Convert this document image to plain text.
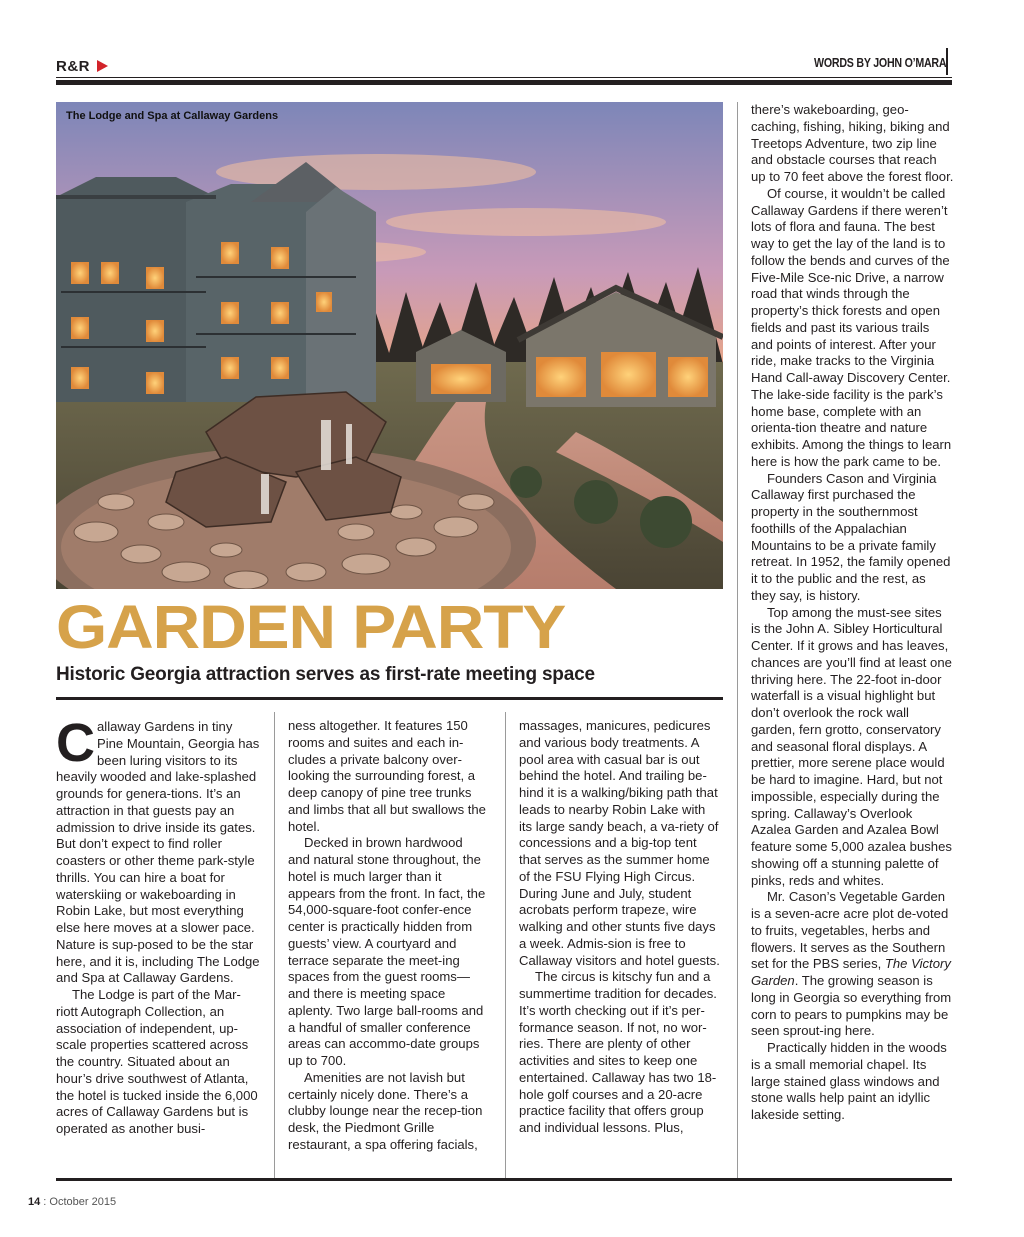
R&R	WORDS BY JOHN O’MARA
The Lodge and Spa at Callaway Gardens
GARDEN PARTY
Historic Georgia attraction serves as first-rate meeting space

Callaway Gardens in tiny Pine Mountain, Georgia has been luring visitors to its heavily wooded and lake-splashed grounds for genera-tions. It’s an attraction in that guests pay an admission to drive inside its gates. But don’t expect to find roller coasters or other theme park-style thrills. You can hire a boat for waterskiing or wakeboarding in Robin Lake, but most everything else here moves at a slower pace. Nature is sup-posed to be the star here, and it is, including The Lodge and Spa at Callaway Gardens.

The Lodge is part of the Mar-riott Autograph Collection, an association of independent, up-scale properties scattered across the country. Situated about an hour’s drive southwest of Atlanta, the hotel is tucked inside the 6,000 acres of Callaway Gardens but is operated as another busi-

ness altogether. It features 150 rooms and suites and each in-cludes a private balcony over-looking the surrounding forest, a deep canopy of pine tree trunks and limbs that all but swallows the hotel.

Decked in brown hardwood and natural stone throughout, the hotel is much larger than it appears from the front. In fact, the 54,000-square-foot confer-ence center is practically hidden from guests’ view. A courtyard and terrace separate the meet-ing spaces from the guest rooms—and there is meeting space aplenty. Two large ball-rooms and a handful of smaller conference areas can accommo-date groups up to 700.

Amenities are not lavish but certainly nicely done. There’s a clubby lounge near the recep-tion desk, the Piedmont Grille restaurant, a spa offering facials,

massages, manicures, pedicures and various body treatments. A pool area with casual bar is out behind the hotel. And trailing be-hind it is a walking/biking path that leads to nearby Robin Lake with its large sandy beach, a va-riety of concessions and a big-top tent that serves as the summer home of the FSU Flying High Circus. During June and July, student acrobats perform trapeze, wire walking and other stunts five days a week. Admis-sion is free to Callaway visitors and hotel guests.

The circus is kitschy fun and a summertime tradition for decades. It’s worth checking out if it’s per-formance season. If not, no wor-ries. There are plenty of other activities and sites to keep one entertained. Callaway has two 18-hole golf courses and a 20-acre practice facility that offers group and individual lessons. Plus,

there’s wakeboarding, geo-caching, fishing, hiking, biking and Treetops Adventure, two zip line and obstacle courses that reach up to 70 feet above the forest floor.

Of course, it wouldn’t be called Callaway Gardens if there weren’t lots of flora and fauna. The best way to get the lay of the land is to follow the bends and curves of the Five-Mile Sce-nic Drive, a narrow road that winds through the property’s thick forests and open fields and past its various trails and points of interest. After your ride, make tracks to the Virginia Hand Call-away Discovery Center. The lake-side facility is the park’s home base, complete with an orienta-tion theatre and nature exhibits. Among the things to learn here is how the park came to be.

Founders Cason and Virginia Callaway first purchased the property in the southernmost foothills of the Appalachian Mountains to be a private family retreat. In 1952, the family opened it to the public and the rest, as they say, is history.

Top among the must-see sites is the John A. Sibley Horticultural Center. If it grows and has leaves, chances are you’ll find at least one thriving here. The 22-foot in-door waterfall is a visual highlight but don’t overlook the rock wall garden, fern grotto, conservatory and seasonal floral displays. A prettier, more serene place would be hard to imagine. Hard, but not impossible, especially during the spring. Callaway’s Overlook Azalea Garden and Azalea Bowl feature some 5,000 azalea bushes showing off a stunning palette of pinks, reds and whites.

Mr. Cason’s Vegetable Garden is a seven-acre acre plot de-voted to fruits, vegetables, herbs and flowers. It serves as the Southern set for the PBS series, The Victory Garden. The growing season is long in Georgia so everything from corn to pears to pumpkins may be seen sprout-ing here.

Practically hidden in the woods is a small memorial chapel. Its large stained glass windows and stone walls help paint an idyllic lakeside setting.

14 : October 2015
